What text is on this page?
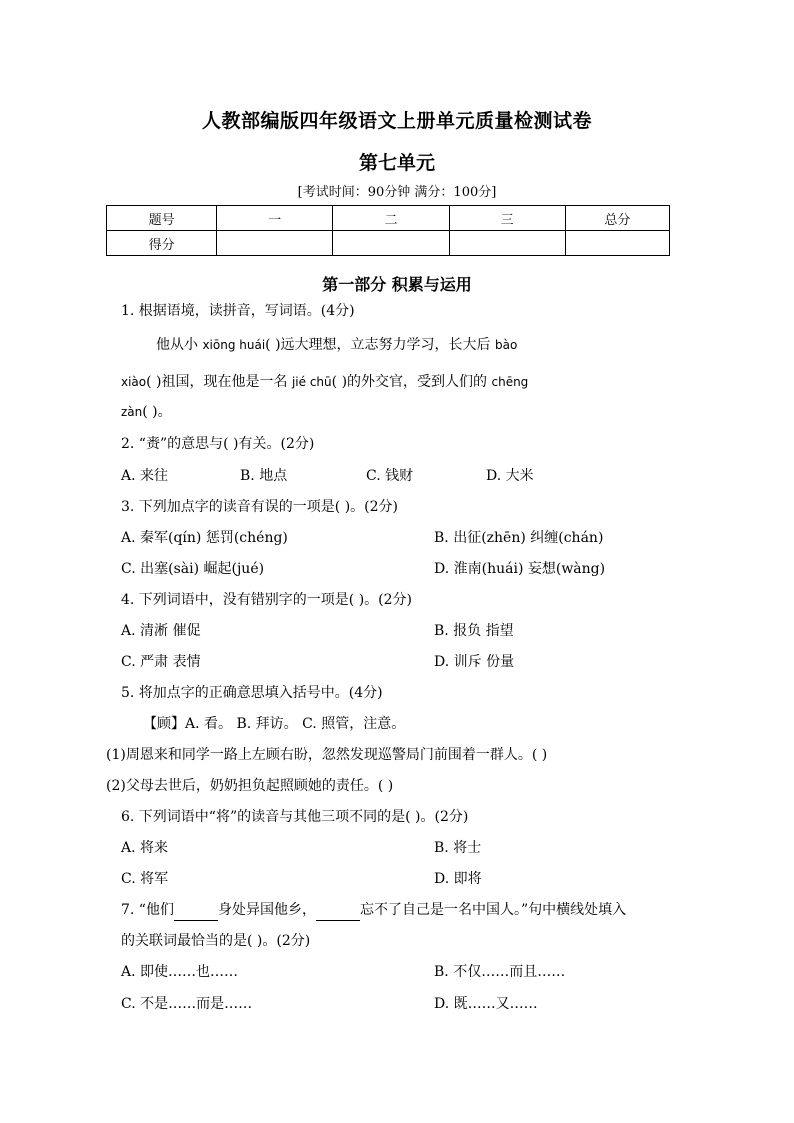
人教部编版四年级语文上册单元质量检测试卷
第七单元
[考试时间：90分钟 满分：100分]
题号	一	二	三	总分
得分				
第一部分 积累与运用
1. 根据语境，读拼音，写词语。(4分)
他从小 xiōng huái( )远大理想，立志努力学习，长大后 bào
xiào( )祖国，现在他是一名 jié chū( )的外交官，受到人们的 chēng
zàn( )。
2. “赉”的意思与( )有关。(2分)
A. 来往	B. 地点	C. 钱财	D. 大米
3. 下列加点字的读音有误的一项是( )。(2分)
A. 秦军(qín) 惩罚(chéng)	B. 出征(zhēn) 纠缠(chán)
C. 出塞(sài) 崛起(jué)	D. 淮南(huái) 妄想(wàng)
4. 下列词语中，没有错别字的一项是( )。(2分)
A. 清淅 催促	B. 报负 指望
C. 严肃 表情	D. 训斥 份量
5. 将加点字的正确意思填入括号中。(4分)
【顾】A. 看。 B. 拜访。 C. 照管，注意。
(1)周恩来和同学一路上左顾右盼，忽然发现巡警局门前围着一群人。( )
(2)父母去世后，奶奶担负起照顾她的责任。( )
6. 下列词语中“将”的读音与其他三项不同的是( )。(2分)
A. 将来	B. 将士
C. 将军	D. 即将
7. “他们	身处异国他乡，	忘不了自己是一名中国人。”句中横线处填入
的关联词最恰当的是( )。(2分)
A. 即使……也……	B. 不仅……而且……
C. 不是……而是……	D. 既……又……
